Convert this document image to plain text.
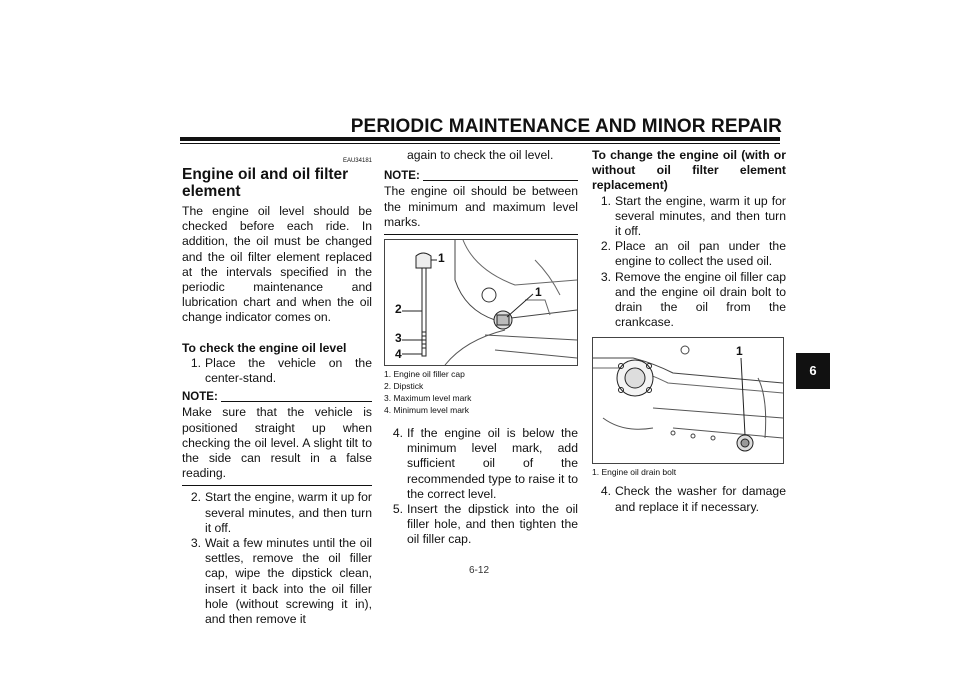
PERIODIC MAINTENANCE AND MINOR REPAIR
6
EAU34181
Engine oil and oil filter element

The engine oil level should be checked before each ride. In addition, the oil must be changed and the oil filter element replaced at the intervals specified in the periodic maintenance and lubrication chart and when the oil change indicator comes on.

To check the engine oil level

1. Place the vehicle on the center-stand.
NOTE:

Make sure that the vehicle is positioned straight up when checking the oil level. A slight tilt to the side can result in a false reading.

2. Start the engine, warm it up for several minutes, and then turn it off.
3. Wait a few minutes until the oil settles, remove the oil filler cap, wipe the dipstick clean, insert it back into the oil filler hole (without screwing it in), and then remove it

again to check the oil level.

NOTE:

The engine oil should be between the minimum and maximum level marks.

1
2
3
4
1
1. Engine oil filler cap
2. Dipstick
3. Maximum level mark
4. Minimum level mark
4. If the engine oil is below the minimum level mark, add sufficient oil of the recommended type to raise it to the correct level.
5. Insert the dipstick into the oil filler hole, and then tighten the oil filler cap.

To change the engine oil (with or without oil filter element replacement)

1. Start the engine, warm it up for several minutes, and then turn it off.
2. Place an oil pan under the engine to collect the used oil.
3. Remove the engine oil filler cap and the engine oil drain bolt to drain the oil from the crankcase.
1
1. Engine oil drain bolt
4. Check the washer for damage and replace it if necessary.
6-12
